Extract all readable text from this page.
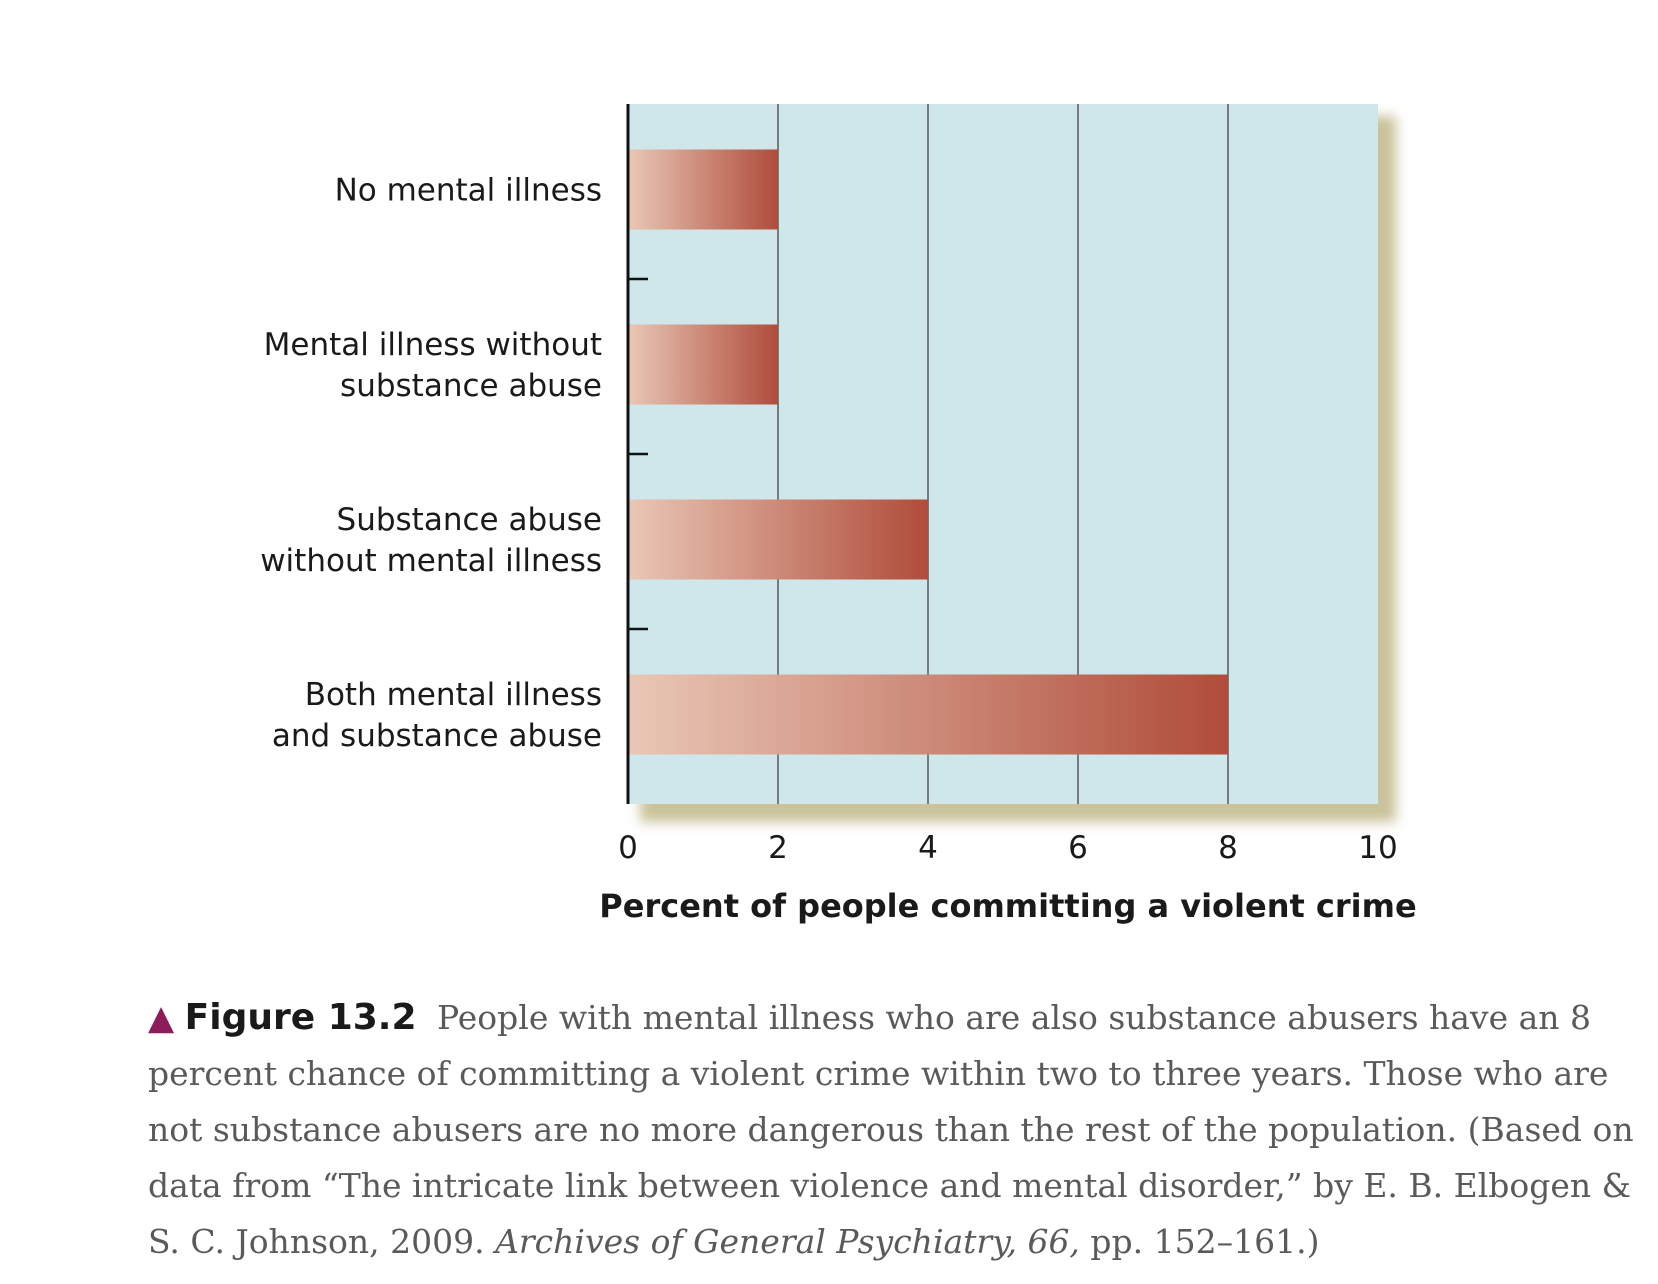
No mental illness
Mental illness without substance abuse
Substance abuse without mental illness
Both mental illness and substance abuse
0	2	4	6	8	10
Percent of people committing a violent crime
▲ Figure 13.2 People with mental illness who are also substance abusers have an 8 percent chance of committing a violent crime within two to three years. Those who are not substance abusers are no more dangerous than the rest of the population. (Based on data from “The intricate link between violence and mental disorder,” by E. B. Elbogen & S. C. Johnson, 2009. Archives of General Psychiatry, 66, pp. 152–161.)
